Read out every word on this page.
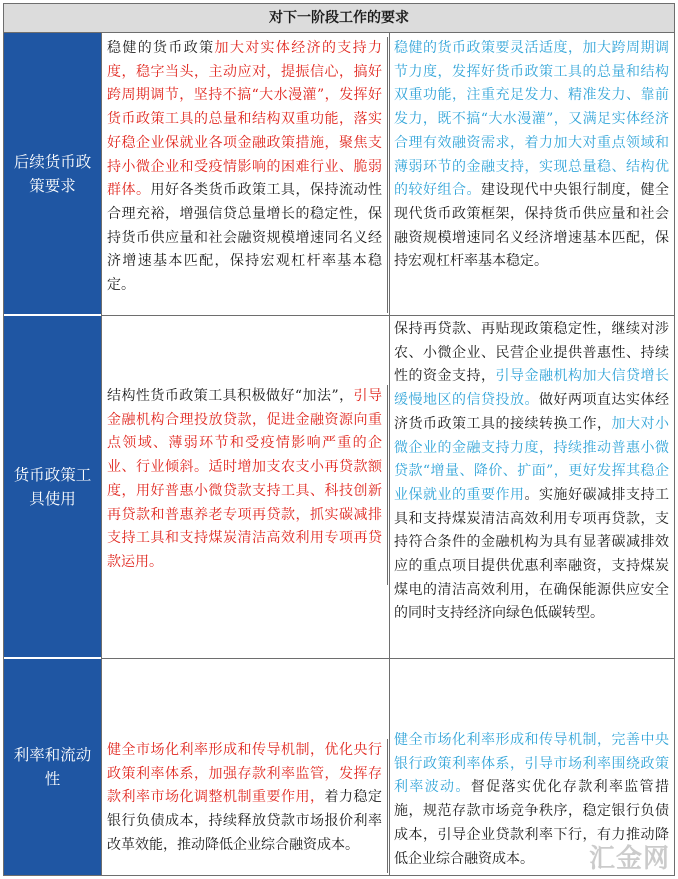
对下一阶段工作的要求
后续货币政策要求
稳健的货币政策加大对实体经济的支持力度，稳字当头，主动应对，提振信心，搞好跨周期调节，坚持不搞“大水漫灌”，发挥好货币政策工具的总量和结构双重功能，落实好稳企业保就业各项金融政策措施，聚焦支持小微企业和受疫情影响的困难行业、脆弱群体。用好各类货币政策工具，保持流动性合理充裕，增强信贷总量增长的稳定性，保持货币供应量和社会融资规模增速同名义经济增速基本匹配，保持宏观杠杆率基本稳定。
稳健的货币政策要灵活适度，加大跨周期调节力度，发挥好货币政策工具的总量和结构双重功能，注重充足发力、精准发力、靠前发力，既不搞“大水漫灌”，又满足实体经济合理有效融资需求，着力加大对重点领域和薄弱环节的金融支持，实现总量稳、结构优的较好组合。建设现代中央银行制度，健全现代货币政策框架，保持货币供应量和社会融资规模增速同名义经济增速基本匹配，保持宏观杠杆率基本稳定。
货币政策工具使用
结构性货币政策工具积极做好“加法”，引导金融机构合理投放贷款，促进金融资源向重点领域、薄弱环节和受疫情影响严重的企业、行业倾斜。适时增加支农支小再贷款额度，用好普惠小微贷款支持工具、科技创新再贷款和普惠养老专项再贷款，抓实碳减排支持工具和支持煤炭清洁高效利用专项再贷款运用。
保持再贷款、再贴现政策稳定性，继续对涉农、小微企业、民营企业提供普惠性、持续性的资金支持，引导金融机构加大信贷增长缓慢地区的信贷投放。做好两项直达实体经济货币政策工具的接续转换工作，加大对小微企业的金融支持力度，持续推动普惠小微贷款“增量、降价、扩面”，更好发挥其稳企业保就业的重要作用。实施好碳减排支持工具和支持煤炭清洁高效利用专项再贷款，支持符合条件的金融机构为具有显著碳减排效应的重点项目提供优惠利率融资，支持煤炭煤电的清洁高效利用，在确保能源供应安全的同时支持经济向绿色低碳转型。
利率和流动性
健全市场化利率形成和传导机制，优化央行政策利率体系，加强存款利率监管，发挥存款利率市场化调整机制重要作用，着力稳定银行负债成本，持续释放贷款市场报价利率改革效能，推动降低企业综合融资成本。
健全市场化利率形成和传导机制，完善中央银行政策利率体系，引导市场利率围绕政策利率波动。督促落实优化存款利率监管措施，规范存款市场竞争秩序，稳定银行负债成本，引导企业贷款利率下行，有力推动降低企业综合融资成本。	汇金网
